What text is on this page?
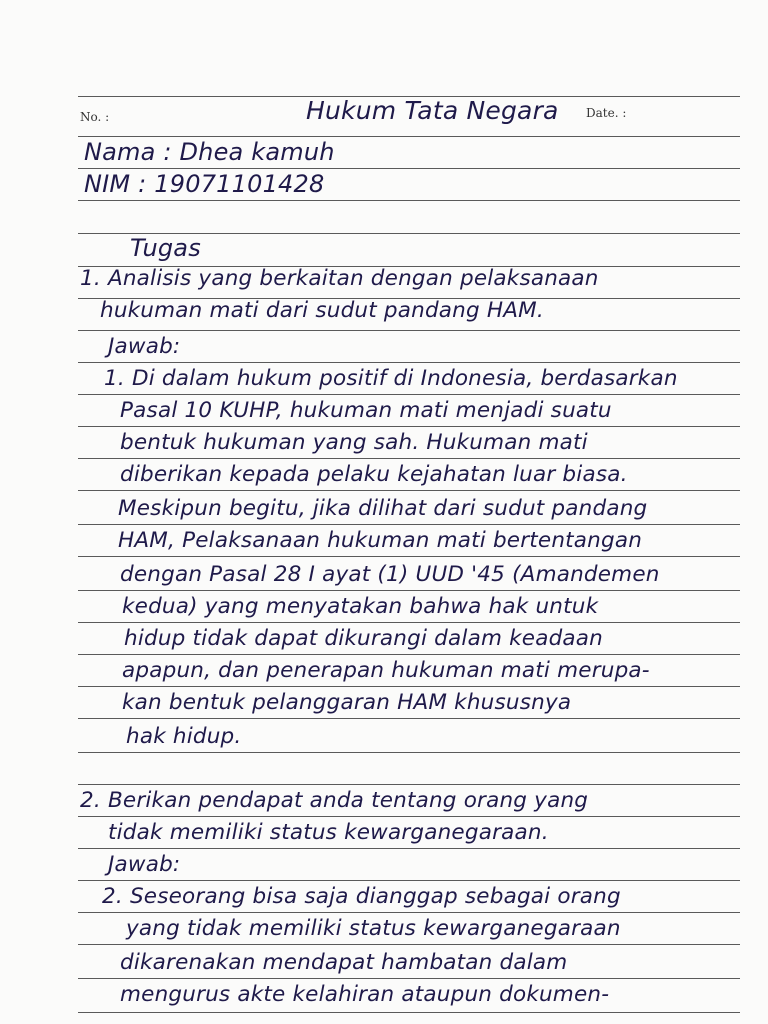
No. :	Date. :
Hukum Tata Negara
Nama : Dhea kamuh
NIM : 19071101428
Tugas
1. Analisis yang berkaitan dengan pelaksanaan
hukuman mati dari sudut pandang HAM.
Jawab:
1. Di dalam hukum positif di Indonesia, berdasarkan
Pasal 10 KUHP, hukuman mati menjadi suatu
bentuk hukuman yang sah. Hukuman mati
diberikan kepada pelaku kejahatan luar biasa.
Meskipun begitu, jika dilihat dari sudut pandang
HAM, Pelaksanaan hukuman mati bertentangan
dengan Pasal 28 I ayat (1) UUD '45 (Amandemen
kedua) yang menyatakan bahwa hak untuk
hidup tidak dapat dikurangi dalam keadaan
apapun, dan penerapan hukuman mati merupa-
kan bentuk pelanggaran HAM khususnya
hak hidup.
2. Berikan pendapat anda tentang orang yang
tidak memiliki status kewarganegaraan.
Jawab:
2. Seseorang bisa saja dianggap sebagai orang
yang tidak memiliki status kewarganegaraan
dikarenakan mendapat hambatan dalam
mengurus akte kelahiran ataupun dokumen-
